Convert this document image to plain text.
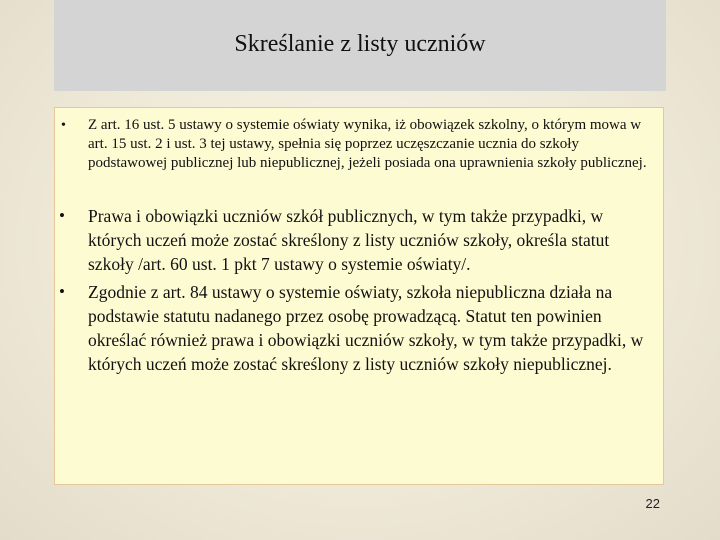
Skreślanie z listy uczniów
• Z art. 16 ust. 5 ustawy o systemie oświaty wynika, iż obowiązek szkolny, o którym mowa w art. 15 ust. 2 i ust. 3 tej ustawy, spełnia się poprzez uczęszczanie ucznia do szkoły podstawowej publicznej lub niepublicznej, jeżeli posiada ona uprawnienia szkoły publicznej.

• Prawa i obowiązki uczniów szkół publicznych, w tym także przypadki, w których uczeń może zostać skreślony z listy uczniów szkoły, określa statut szkoły /art. 60 ust. 1 pkt 7 ustawy o systemie oświaty/.

• Zgodnie z art. 84 ustawy o systemie oświaty, szkoła niepubliczna działa na podstawie statutu nadanego przez osobę prowadzącą. Statut ten powinien określać również prawa i obowiązki uczniów szkoły, w tym także przypadki, w których uczeń może zostać skreślony z listy uczniów szkoły niepublicznej.

22
